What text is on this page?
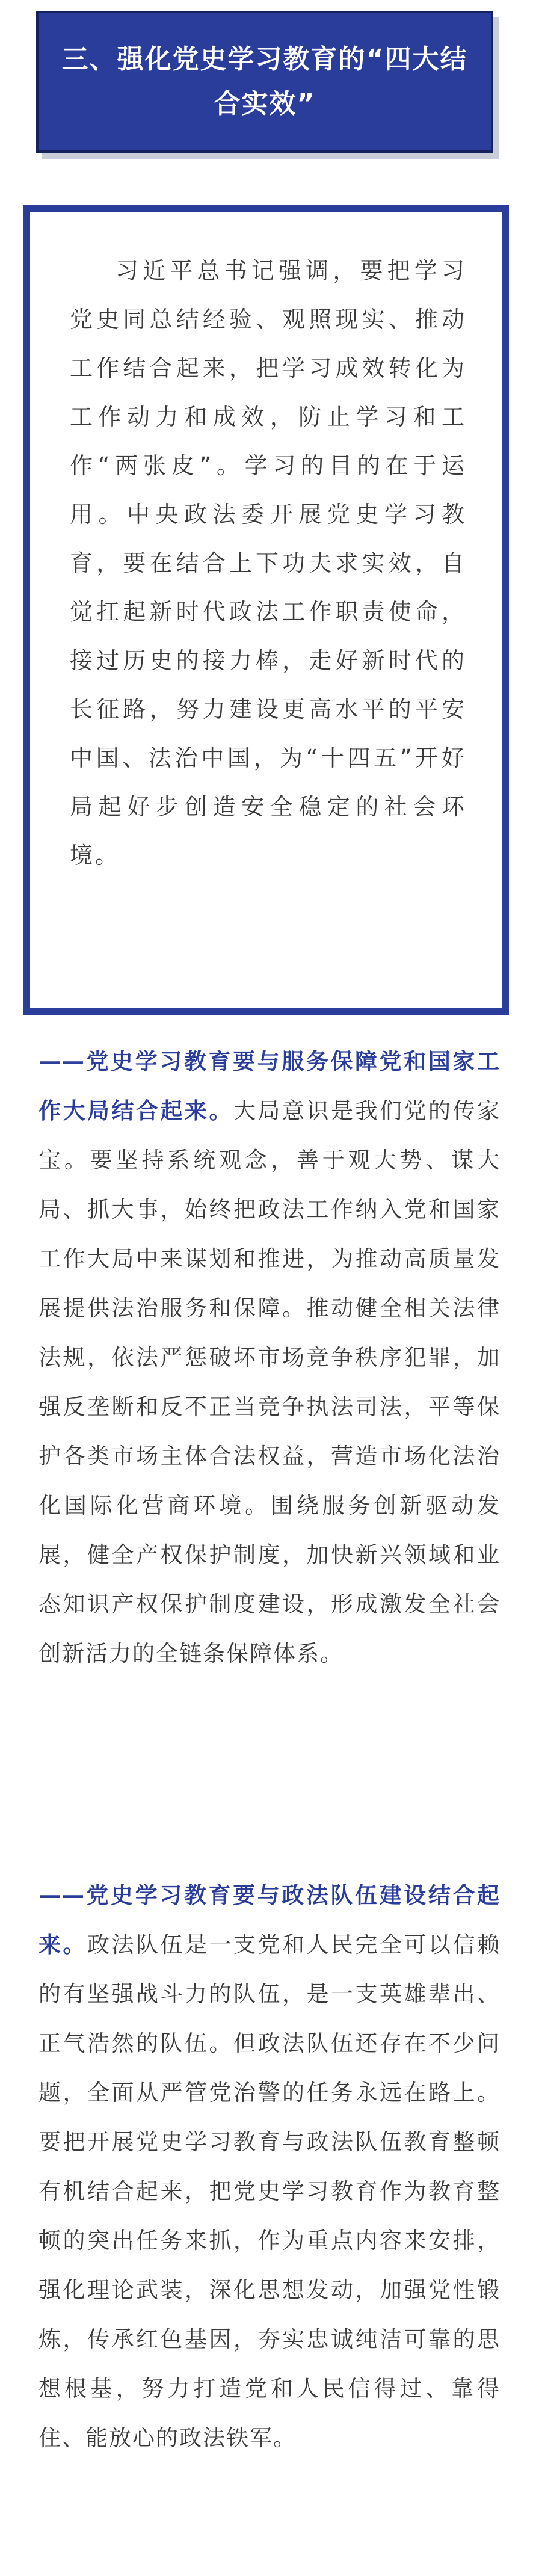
三、强化党史学习教育的“四大结合实效”

习近平总书记强调，要把学习党史同总结经验、观照现实、推动工作结合起来，把学习成效转化为工作动力和成效，防止学习和工作“两张皮”。学习的目的在于运用。中央政法委开展党史学习教育，要在结合上下功夫求实效，自觉扛起新时代政法工作职责使命，接过历史的接力棒，走好新时代的长征路，努力建设更高水平的平安中国、法治中国，为“十四五”开好局起好步创造安全稳定的社会环境。

——党史学习教育要与服务保障党和国家工作大局结合起来。大局意识是我们党的传家宝。要坚持系统观念，善于观大势、谋大局、抓大事，始终把政法工作纳入党和国家工作大局中来谋划和推进，为推动高质量发展提供法治服务和保障。推动健全相关法律法规，依法严惩破坏市场竞争秩序犯罪，加强反垄断和反不正当竞争执法司法，平等保护各类市场主体合法权益，营造市场化法治化国际化营商环境。围绕服务创新驱动发展，健全产权保护制度，加快新兴领域和业态知识产权保护制度建设，形成激发全社会创新活力的全链条保障体系。

——党史学习教育要与政法队伍建设结合起来。政法队伍是一支党和人民完全可以信赖的有坚强战斗力的队伍，是一支英雄辈出、正气浩然的队伍。但政法队伍还存在不少问题，全面从严管党治警的任务永远在路上。要把开展党史学习教育与政法队伍教育整顿有机结合起来，把党史学习教育作为教育整顿的突出任务来抓，作为重点内容来安排，强化理论武装，深化思想发动，加强党性锻炼，传承红色基因，夯实忠诚纯洁可靠的思想根基，努力打造党和人民信得过、靠得住、能放心的政法铁军。
